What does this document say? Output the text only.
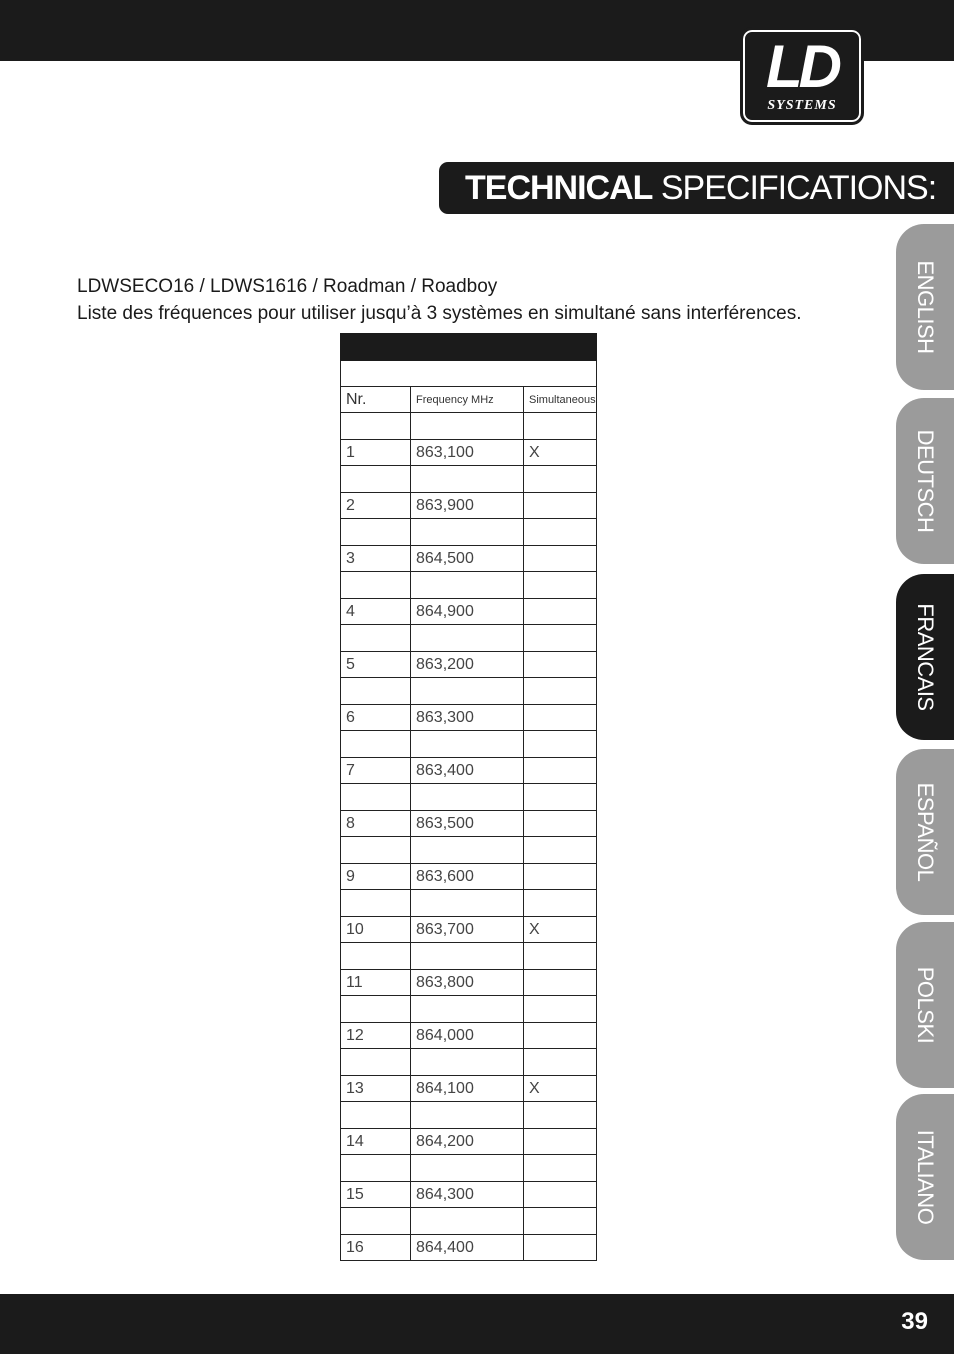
LD
SYSTEMS
TECHNICAL SPECIFICATIONS:
LDWSECO16 / LDWS1616 / Roadman / Roadboy
Liste des fréquences pour utiliser jusqu’à 3 systèmes en simultané sans interférences.

Nr.	Frequency MHz	Simultaneous

1	863,100	X

2	863,900	

3	864,500	

4	864,900	

5	863,200	

6	863,300	

7	863,400	

8	863,500	

9	863,600	

10	863,700	X

11	863,800	

12	864,000	

13	864,100	X

14	864,200	

15	864,300	

16	864,400	
ENGLISH
DEUTSCH
FRANCAIS
ESPAÑOL
POLSKI
ITALIANO
39
